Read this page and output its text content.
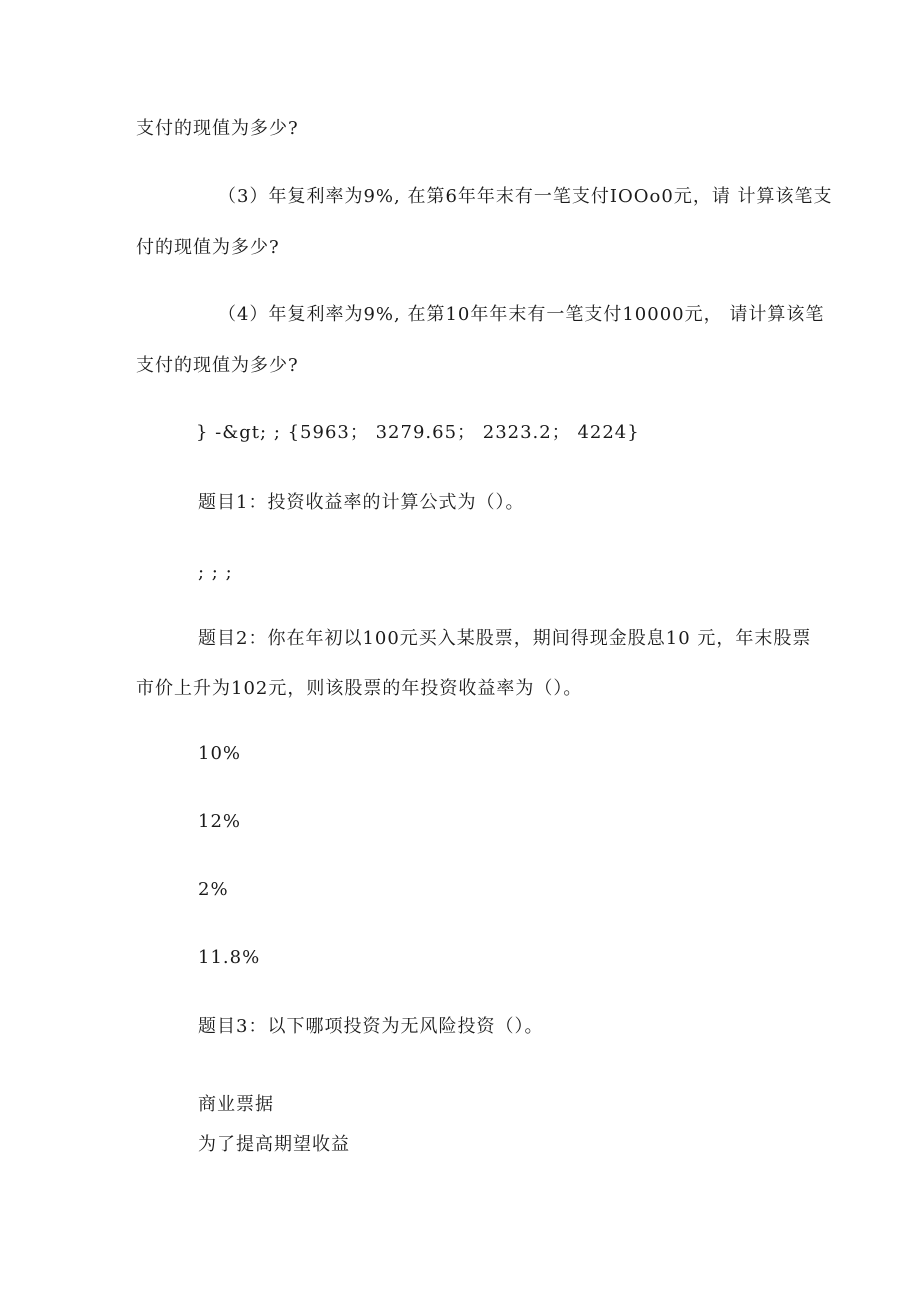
支付的现值为多少?
（3）年复利率为9%, 在第6年年末有一笔支付IOOo0元，请 计算该笔支
付的现值为多少?
（4）年复利率为9%, 在第10年年末有一笔支付10000元， 请计算该笔
支付的现值为多少?
} -&gt; ; {5963； 3279.65； 2323.2； 4224}
题目1：投资收益率的计算公式为（）。
; ; ;
题目2：你在年初以100元买入某股票，期间得现金股息10 元，年末股票
市价上升为102元，则该股票的年投资收益率为（）。
10%
12%
2%
11.8%
题目3：以下哪项投资为无风险投资（）。
商业票据
为了提高期望收益
